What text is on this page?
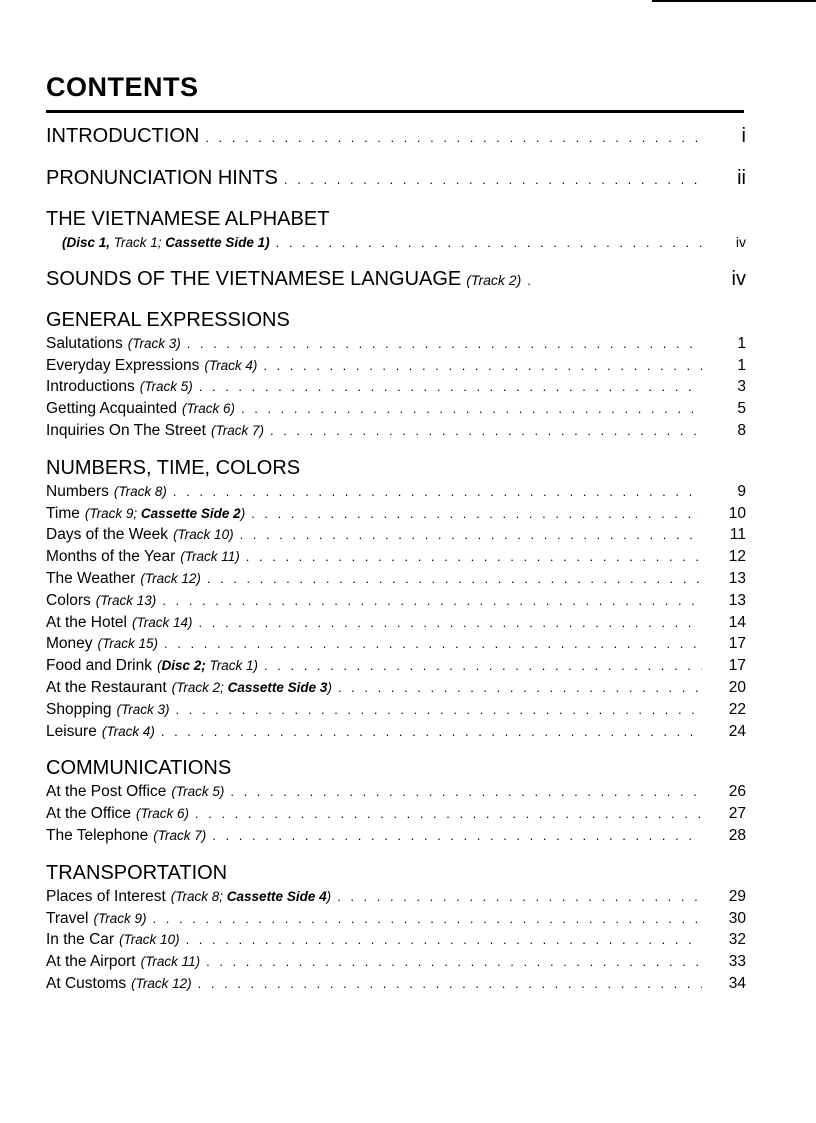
CONTENTS
INTRODUCTION . . .	i
PRONUNCIATION HINTS . . .	ii
THE VIETNAMESE ALPHABET
(Disc 1, Track 1; Cassette Side 1) . . .	iv
SOUNDS OF THE VIETNAMESE LANGUAGE (Track 2) . . .	iv
GENERAL EXPRESSIONS
Salutations (Track 3) . . .	1
Everyday Expressions (Track 4) . . .	1
Introductions (Track 5) . . .	3
Getting Acquainted (Track 6) . . .	5
Inquiries On The Street (Track 7) . . .	8
NUMBERS, TIME, COLORS
Numbers (Track 8) . . .	9
Time (Track 9; Cassette Side 2) . . .	10
Days of the Week (Track 10) . . .	11
Months of the Year (Track 11) . . .	12
The Weather (Track 12) . . .	13
Colors (Track 13) . . .	13
At the Hotel (Track 14) . . .	14
Money (Track 15) . . .	17
Food and Drink (Disc 2; Track 1) . . .	17
At the Restaurant (Track 2; Cassette Side 3) . . .	20
Shopping (Track 3) . . .	22
Leisure (Track 4) . . .	24
COMMUNICATIONS
At the Post Office (Track 5) . . .	26
At the Office (Track 6) . . .	27
The Telephone (Track 7) . . .	28
TRANSPORTATION
Places of Interest (Track 8; Cassette Side 4) . . .	29
Travel (Track 9) . . .	30
In the Car (Track 10) . . .	32
At the Airport (Track 11) . . .	33
At Customs (Track 12) . . .	34
